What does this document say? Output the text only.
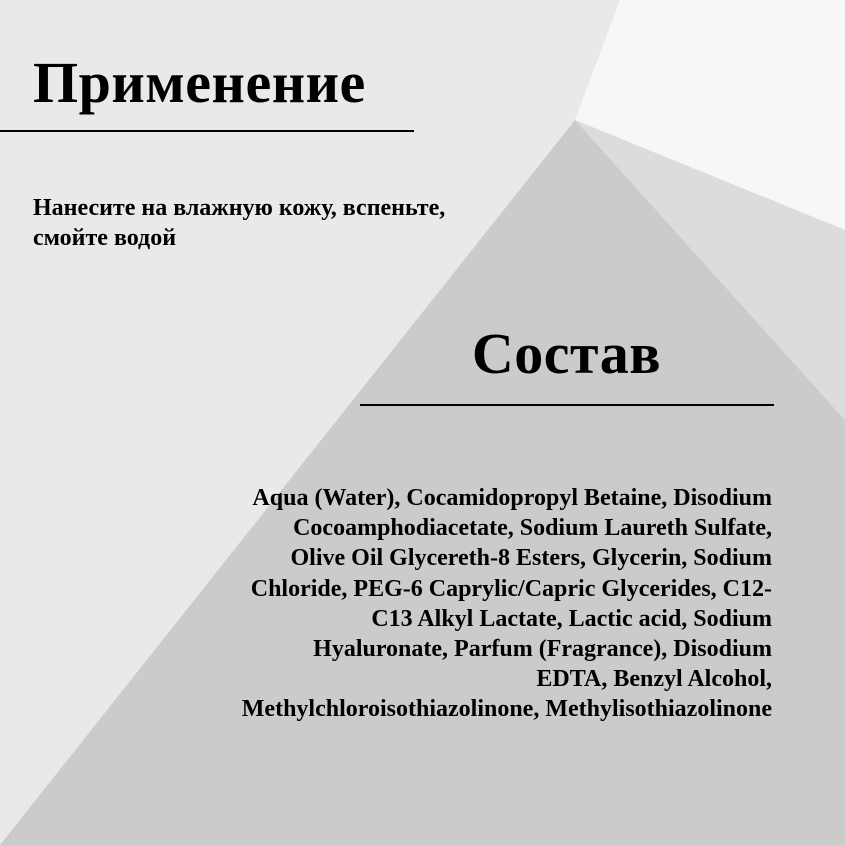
Применение
Нанесите на влажную кожу, вспеньте, смойте водой
Состав
Aqua (Water), Cocamidopropyl Betaine, Disodium Cocoamphodiacetate, Sodium Laureth Sulfate, Olive Oil Glycereth-8 Esters, Glycerin, Sodium Chloride, PEG-6 Caprylic/Capric Glycerides, C12-C13 Alkyl Lactate, Lactic acid, Sodium Hyaluronate, Parfum (Fragrance), Disodium EDTA, Benzyl Alcohol, Methylchloroisothiazolinone, Methylisothiazolinone
